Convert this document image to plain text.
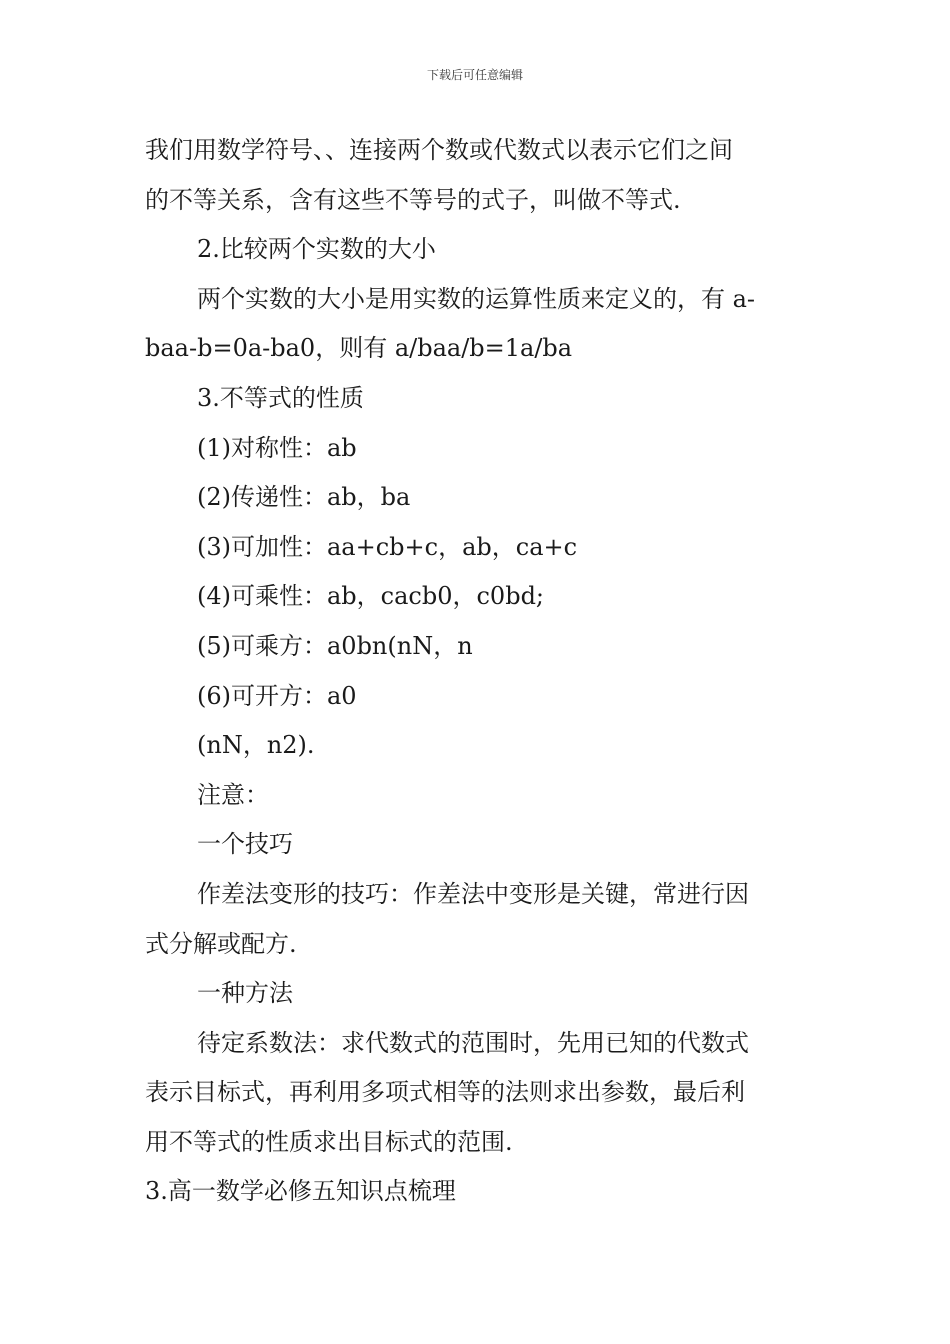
下载后可任意编辑
我们用数学符号、、连接两个数或代数式以表示它们之间
的不等关系，含有这些不等号的式子，叫做不等式.
2.比较两个实数的大小
两个实数的大小是用实数的运算性质来定义的，有 a-
baa-b=0a-ba0，则有 a/baa/b=1a/ba
3.不等式的性质
(1)对称性：ab
(2)传递性：ab，ba
(3)可加性：aa+cb+c，ab，ca+c
(4)可乘性：ab，cacb0，c0bd;
(5)可乘方：a0bn(nN，n
(6)可开方：a0
(nN，n2).
注意：
一个技巧
作差法变形的技巧：作差法中变形是关键，常进行因
式分解或配方.
一种方法
待定系数法：求代数式的范围时，先用已知的代数式
表示目标式，再利用多项式相等的法则求出参数，最后利
用不等式的性质求出目标式的范围.
3.高一数学必修五知识点梳理
